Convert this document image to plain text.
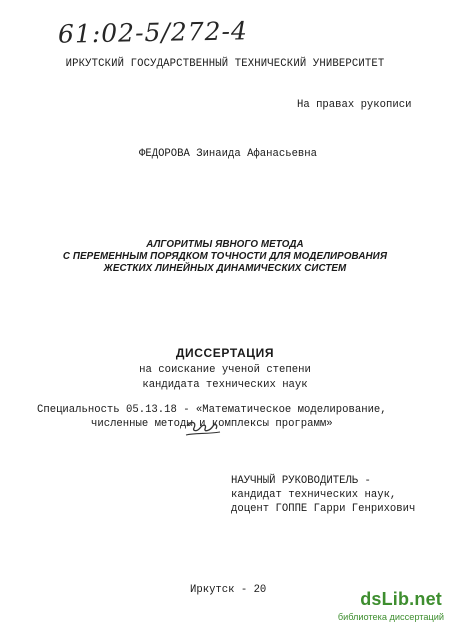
61:02-5/272-4
ИРКУТСКИЙ ГОСУДАРСТВЕННЫЙ ТЕХНИЧЕСКИЙ УНИВЕРСИТЕТ
На правах рукописи
ФЕДОРОВА Зинаида Афанасьевна
АЛГОРИТМЫ ЯВНОГО МЕТОДА
С ПЕРЕМЕННЫМ ПОРЯДКОМ ТОЧНОСТИ ДЛЯ МОДЕЛИРОВАНИЯ
ЖЕСТКИХ ЛИНЕЙНЫХ ДИНАМИЧЕСКИХ СИСТЕМ
ДИССЕРТАЦИЯ
на соискание ученой степени
кандидата технических наук
Специальность 05.13.18 - «Математическое моделирование,
численные методы и комплексы программ»
НАУЧНЫЙ РУКОВОДИТЕЛЬ -
кандидат технических наук,
доцент ГОППЕ Гарри Генрихович
Иркутск - 20	dsLib.net
библиотека диссертаций
